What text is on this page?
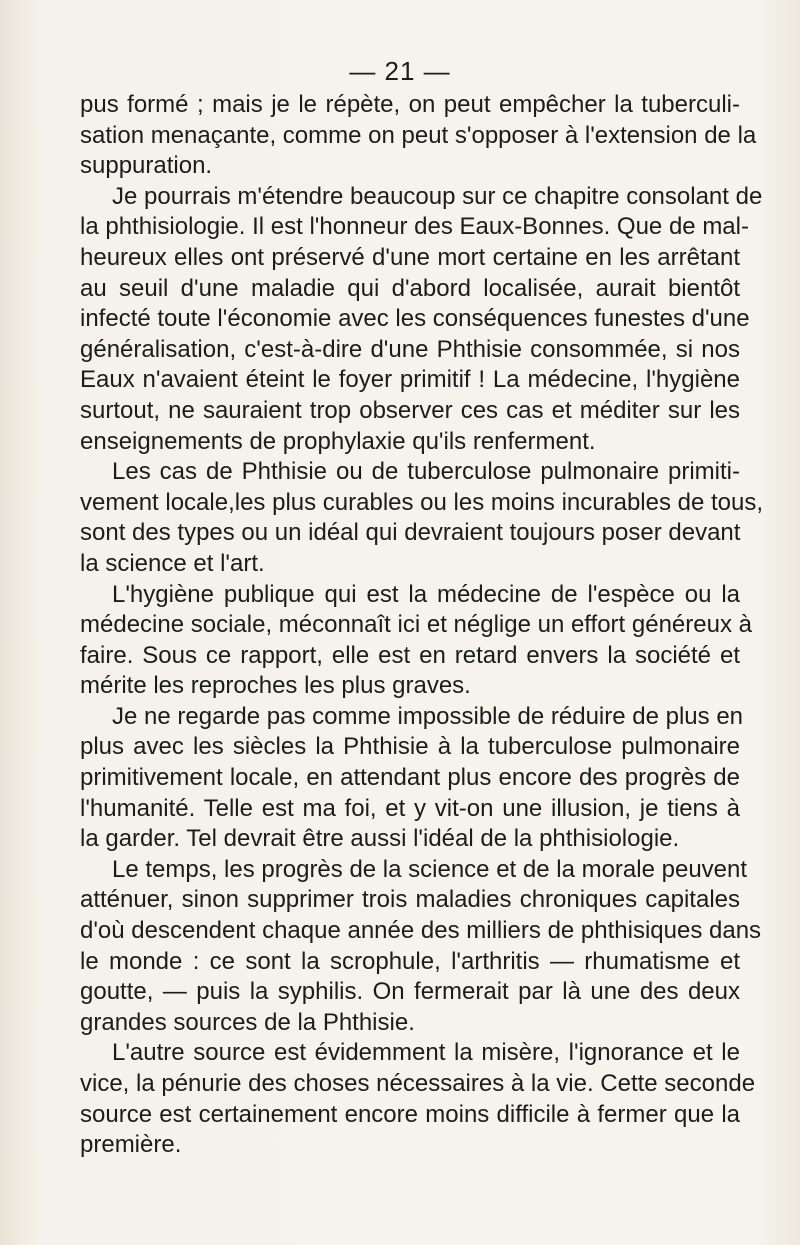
— 21 —
pus formé ; mais je le répète, on peut empêcher la tuberculi-
sation menaçante, comme on peut s'opposer à l'extension de la
suppuration.
Je pourrais m'étendre beaucoup sur ce chapitre consolant de
la phthisiologie. Il est l'honneur des Eaux-Bonnes. Que de mal-
heureux elles ont préservé d'une mort certaine en les arrêtant
au seuil d'une maladie qui d'abord localisée, aurait bientôt
infecté toute l'économie avec les conséquences funestes d'une
généralisation, c'est-à-dire d'une Phthisie consommée, si nos
Eaux n'avaient éteint le foyer primitif ! La médecine, l'hygiène
surtout, ne sauraient trop observer ces cas et méditer sur les
enseignements de prophylaxie qu'ils renferment.
Les cas de Phthisie ou de tuberculose pulmonaire primiti-
vement locale,les plus curables ou les moins incurables de tous,
sont des types ou un idéal qui devraient toujours poser devant
la science et l'art.
L'hygiène publique qui est la médecine de l'espèce ou la
médecine sociale, méconnaît ici et néglige un effort généreux à
faire. Sous ce rapport, elle est en retard envers la société et
mérite les reproches les plus graves.
Je ne regarde pas comme impossible de réduire de plus en
plus avec les siècles la Phthisie à la tuberculose pulmonaire
primitivement locale, en attendant plus encore des progrès de
l'humanité. Telle est ma foi, et y vit-on une illusion, je tiens à
la garder. Tel devrait être aussi l'idéal de la phthisiologie.
Le temps, les progrès de la science et de la morale peuvent
atténuer, sinon supprimer trois maladies chroniques capitales
d'où descendent chaque année des milliers de phthisiques dans
le monde : ce sont la scrophule, l'arthritis — rhumatisme et
goutte, — puis la syphilis. On fermerait par là une des deux
grandes sources de la Phthisie.
L'autre source est évidemment la misère, l'ignorance et le
vice, la pénurie des choses nécessaires à la vie. Cette seconde
source est certainement encore moins difficile à fermer que la
première.
